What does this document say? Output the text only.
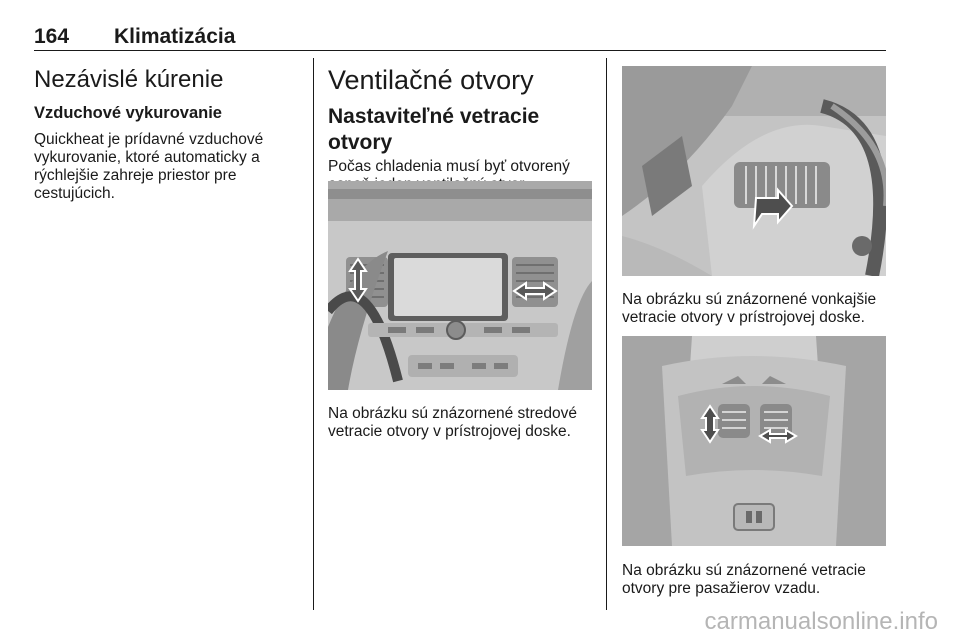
164 Klimatizácia
Nezávislé kúrenie
Vzduchové vykurovanie

Quickheat je prídavné vzduchové

vykurovanie, ktoré automaticky a

rýchlejšie zahreje priestor pre

cestujúcich.

Ventilačné otvory
Nastaviteľné vetracie otvory

Počas chladenia musí byť otvorený

Na obrázku sú znázornené stredové

vetracie otvory v prístrojovej doske.

Na obrázku sú znázornené vonkajšie

vetracie otvory v prístrojovej doske.

Na obrázku sú znázornené vetracie

otvory pre pasažierov vzadu.

carmanualsonline.info
